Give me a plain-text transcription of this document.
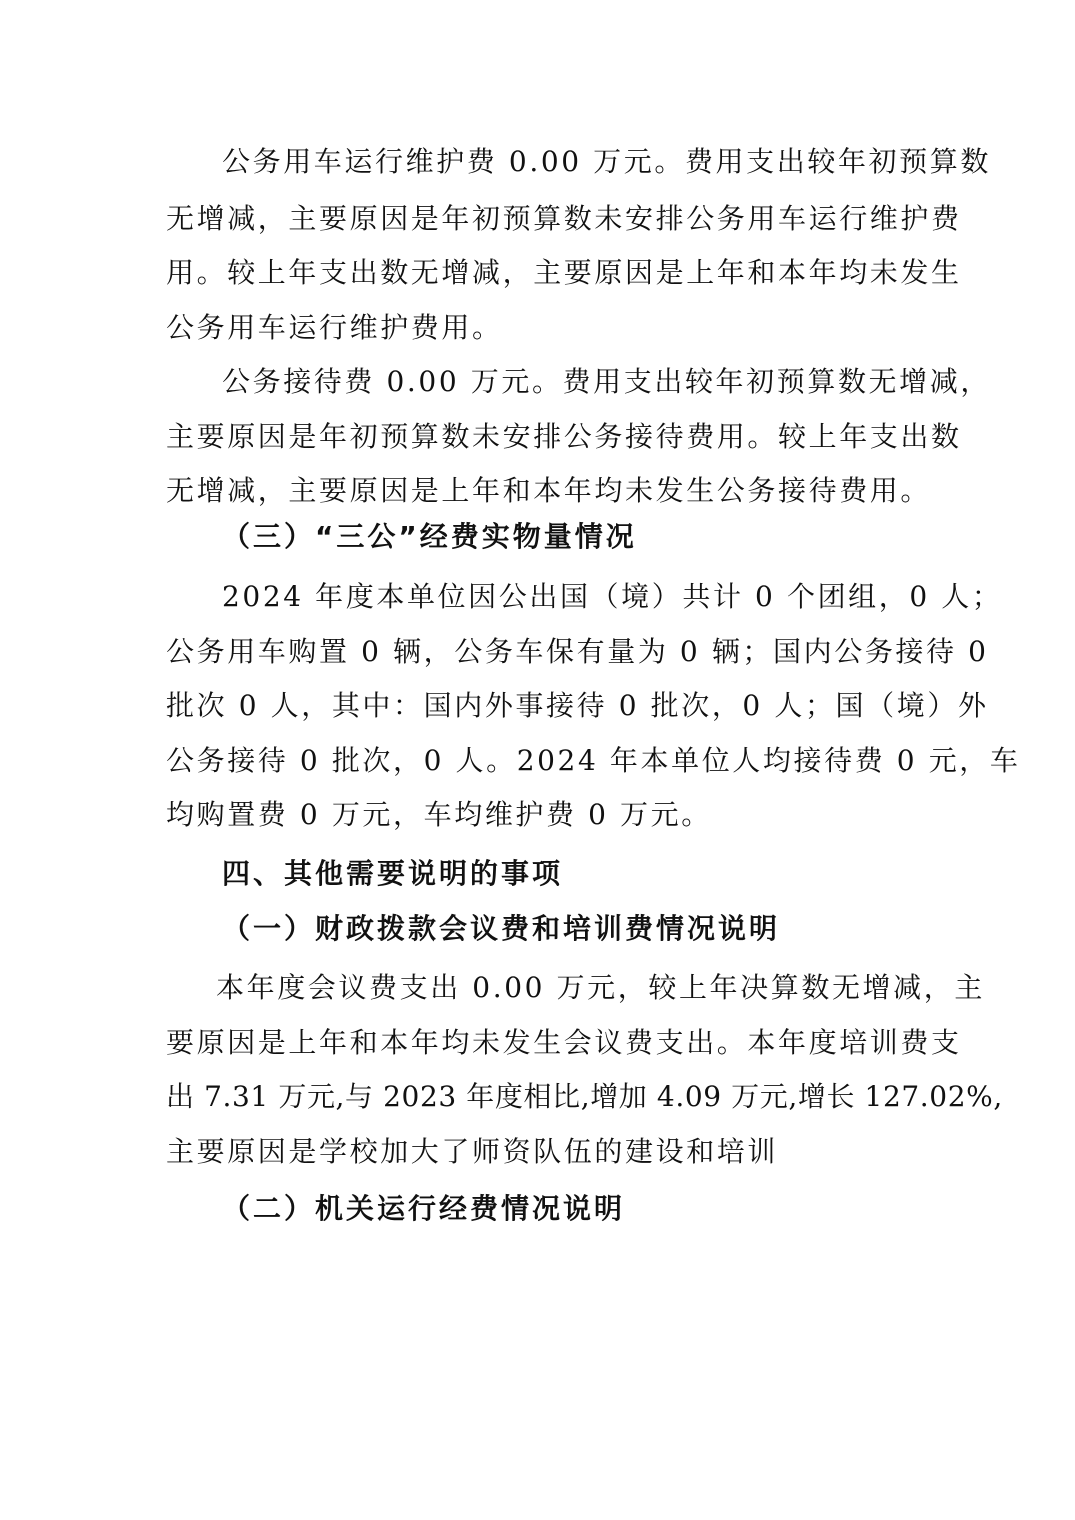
公务用车运行维护费 0.00 万元。费用支出较年初预算数
无增减，主要原因是年初预算数未安排公务用车运行维护费
用。较上年支出数无增减，主要原因是上年和本年均未发生
公务用车运行维护费用。
公务接待费 0.00 万元。费用支出较年初预算数无增减，
主要原因是年初预算数未安排公务接待费用。较上年支出数
无增减，主要原因是上年和本年均未发生公务接待费用。
（三）“三公”经费实物量情况
2024 年度本单位因公出国（境）共计 0 个团组，0 人；
公务用车购置 0 辆，公务车保有量为 0 辆；国内公务接待 0
批次 0 人，其中：国内外事接待 0 批次，0 人；国（境）外
公务接待 0 批次，0 人。2024 年本单位人均接待费 0 元，车
均购置费 0 万元，车均维护费 0 万元。
四、其他需要说明的事项
（一）财政拨款会议费和培训费情况说明
本年度会议费支出 0.00 万元，较上年决算数无增减，主
要原因是上年和本年均未发生会议费支出。本年度培训费支
出 7.31 万元,与 2023 年度相比,增加 4.09 万元,增长 127.02%,
主要原因是学校加大了师资队伍的建设和培训
（二）机关运行经费情况说明
